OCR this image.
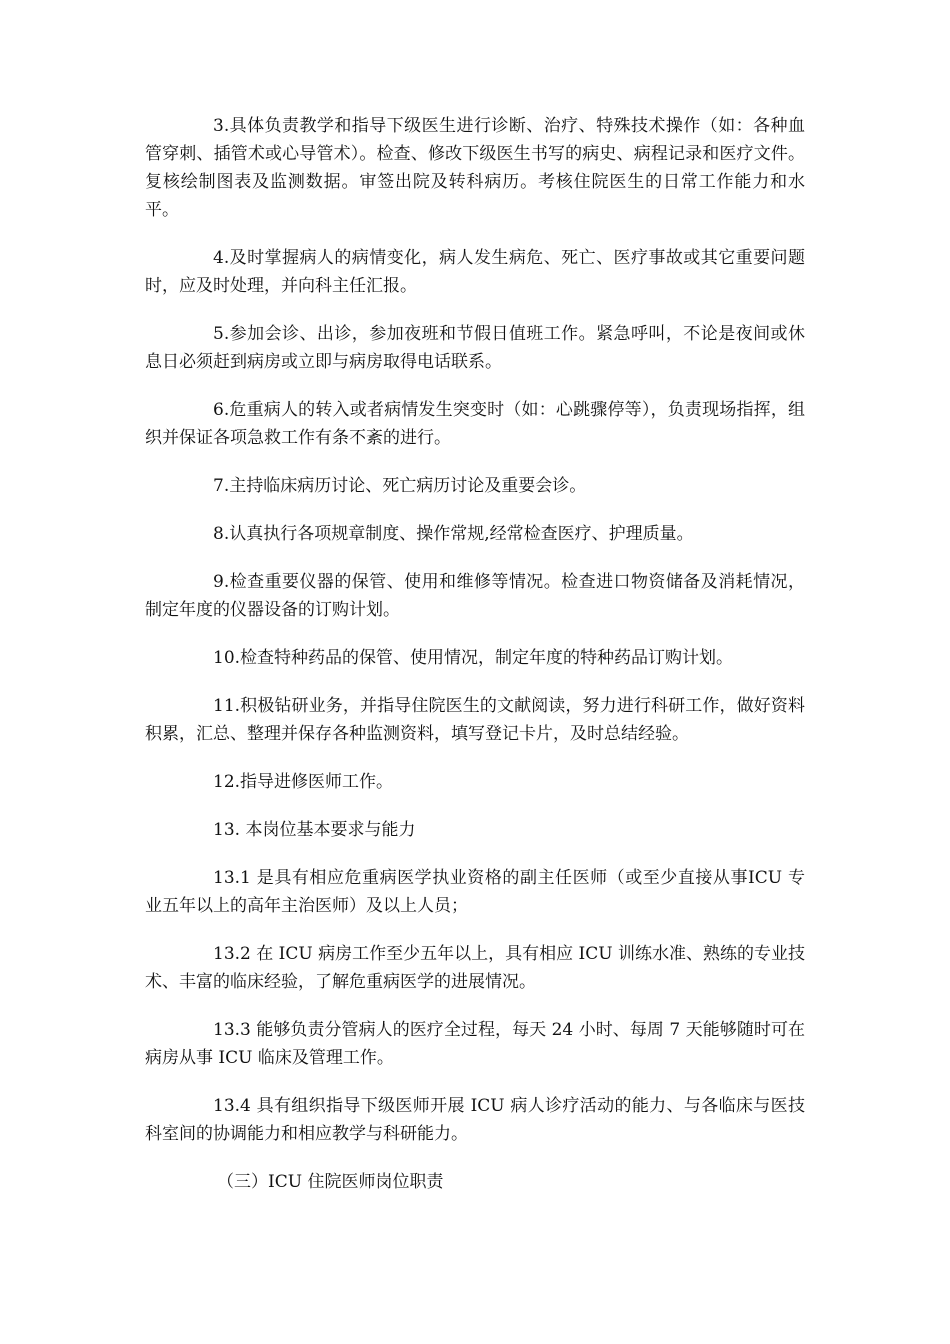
3.具体负责教学和指导下级医生进行诊断、治疗、特殊技术操作（如：各种血管穿刺、插管术或心导管术）。检查、修改下级医生书写的病史、病程记录和医疗文件。复核绘制图表及监测数据。审签出院及转科病历。考核住院医生的日常工作能力和水平。

4.及时掌握病人的病情变化，病人发生病危、死亡、医疗事故或其它重要问题时，应及时处理，并向科主任汇报。

5.参加会诊、出诊，参加夜班和节假日值班工作。紧急呼叫，不论是夜间或休息日必须赶到病房或立即与病房取得电话联系。

6.危重病人的转入或者病情发生突变时（如：心跳骤停等），负责现场指挥，组织并保证各项急救工作有条不紊的进行。

7.主持临床病历讨论、死亡病历讨论及重要会诊。

8.认真执行各项规章制度、操作常规,经常检查医疗、护理质量。

9.检查重要仪器的保管、使用和维修等情况。检查进口物资储备及消耗情况，制定年度的仪器设备的订购计划。

10.检查特种药品的保管、使用情况，制定年度的特种药品订购计划。

11.积极钻研业务，并指导住院医生的文献阅读，努力进行科研工作，做好资料积累，汇总、整理并保存各种监测资料，填写登记卡片，及时总结经验。

12.指导进修医师工作。

13. 本岗位基本要求与能力

13.1 是具有相应危重病医学执业资格的副主任医师（或至少直接从事ICU 专业五年以上的高年主治医师）及以上人员；

13.2 在 ICU 病房工作至少五年以上，具有相应 ICU 训练水准、熟练的专业技术、丰富的临床经验，了解危重病医学的进展情况。

13.3 能够负责分管病人的医疗全过程，每天 24 小时、每周 7 天能够随时可在病房从事 ICU 临床及管理工作。

13.4 具有组织指导下级医师开展 ICU 病人诊疗活动的能力、与各临床与医技科室间的协调能力和相应教学与科研能力。

（三）ICU 住院医师岗位职责
